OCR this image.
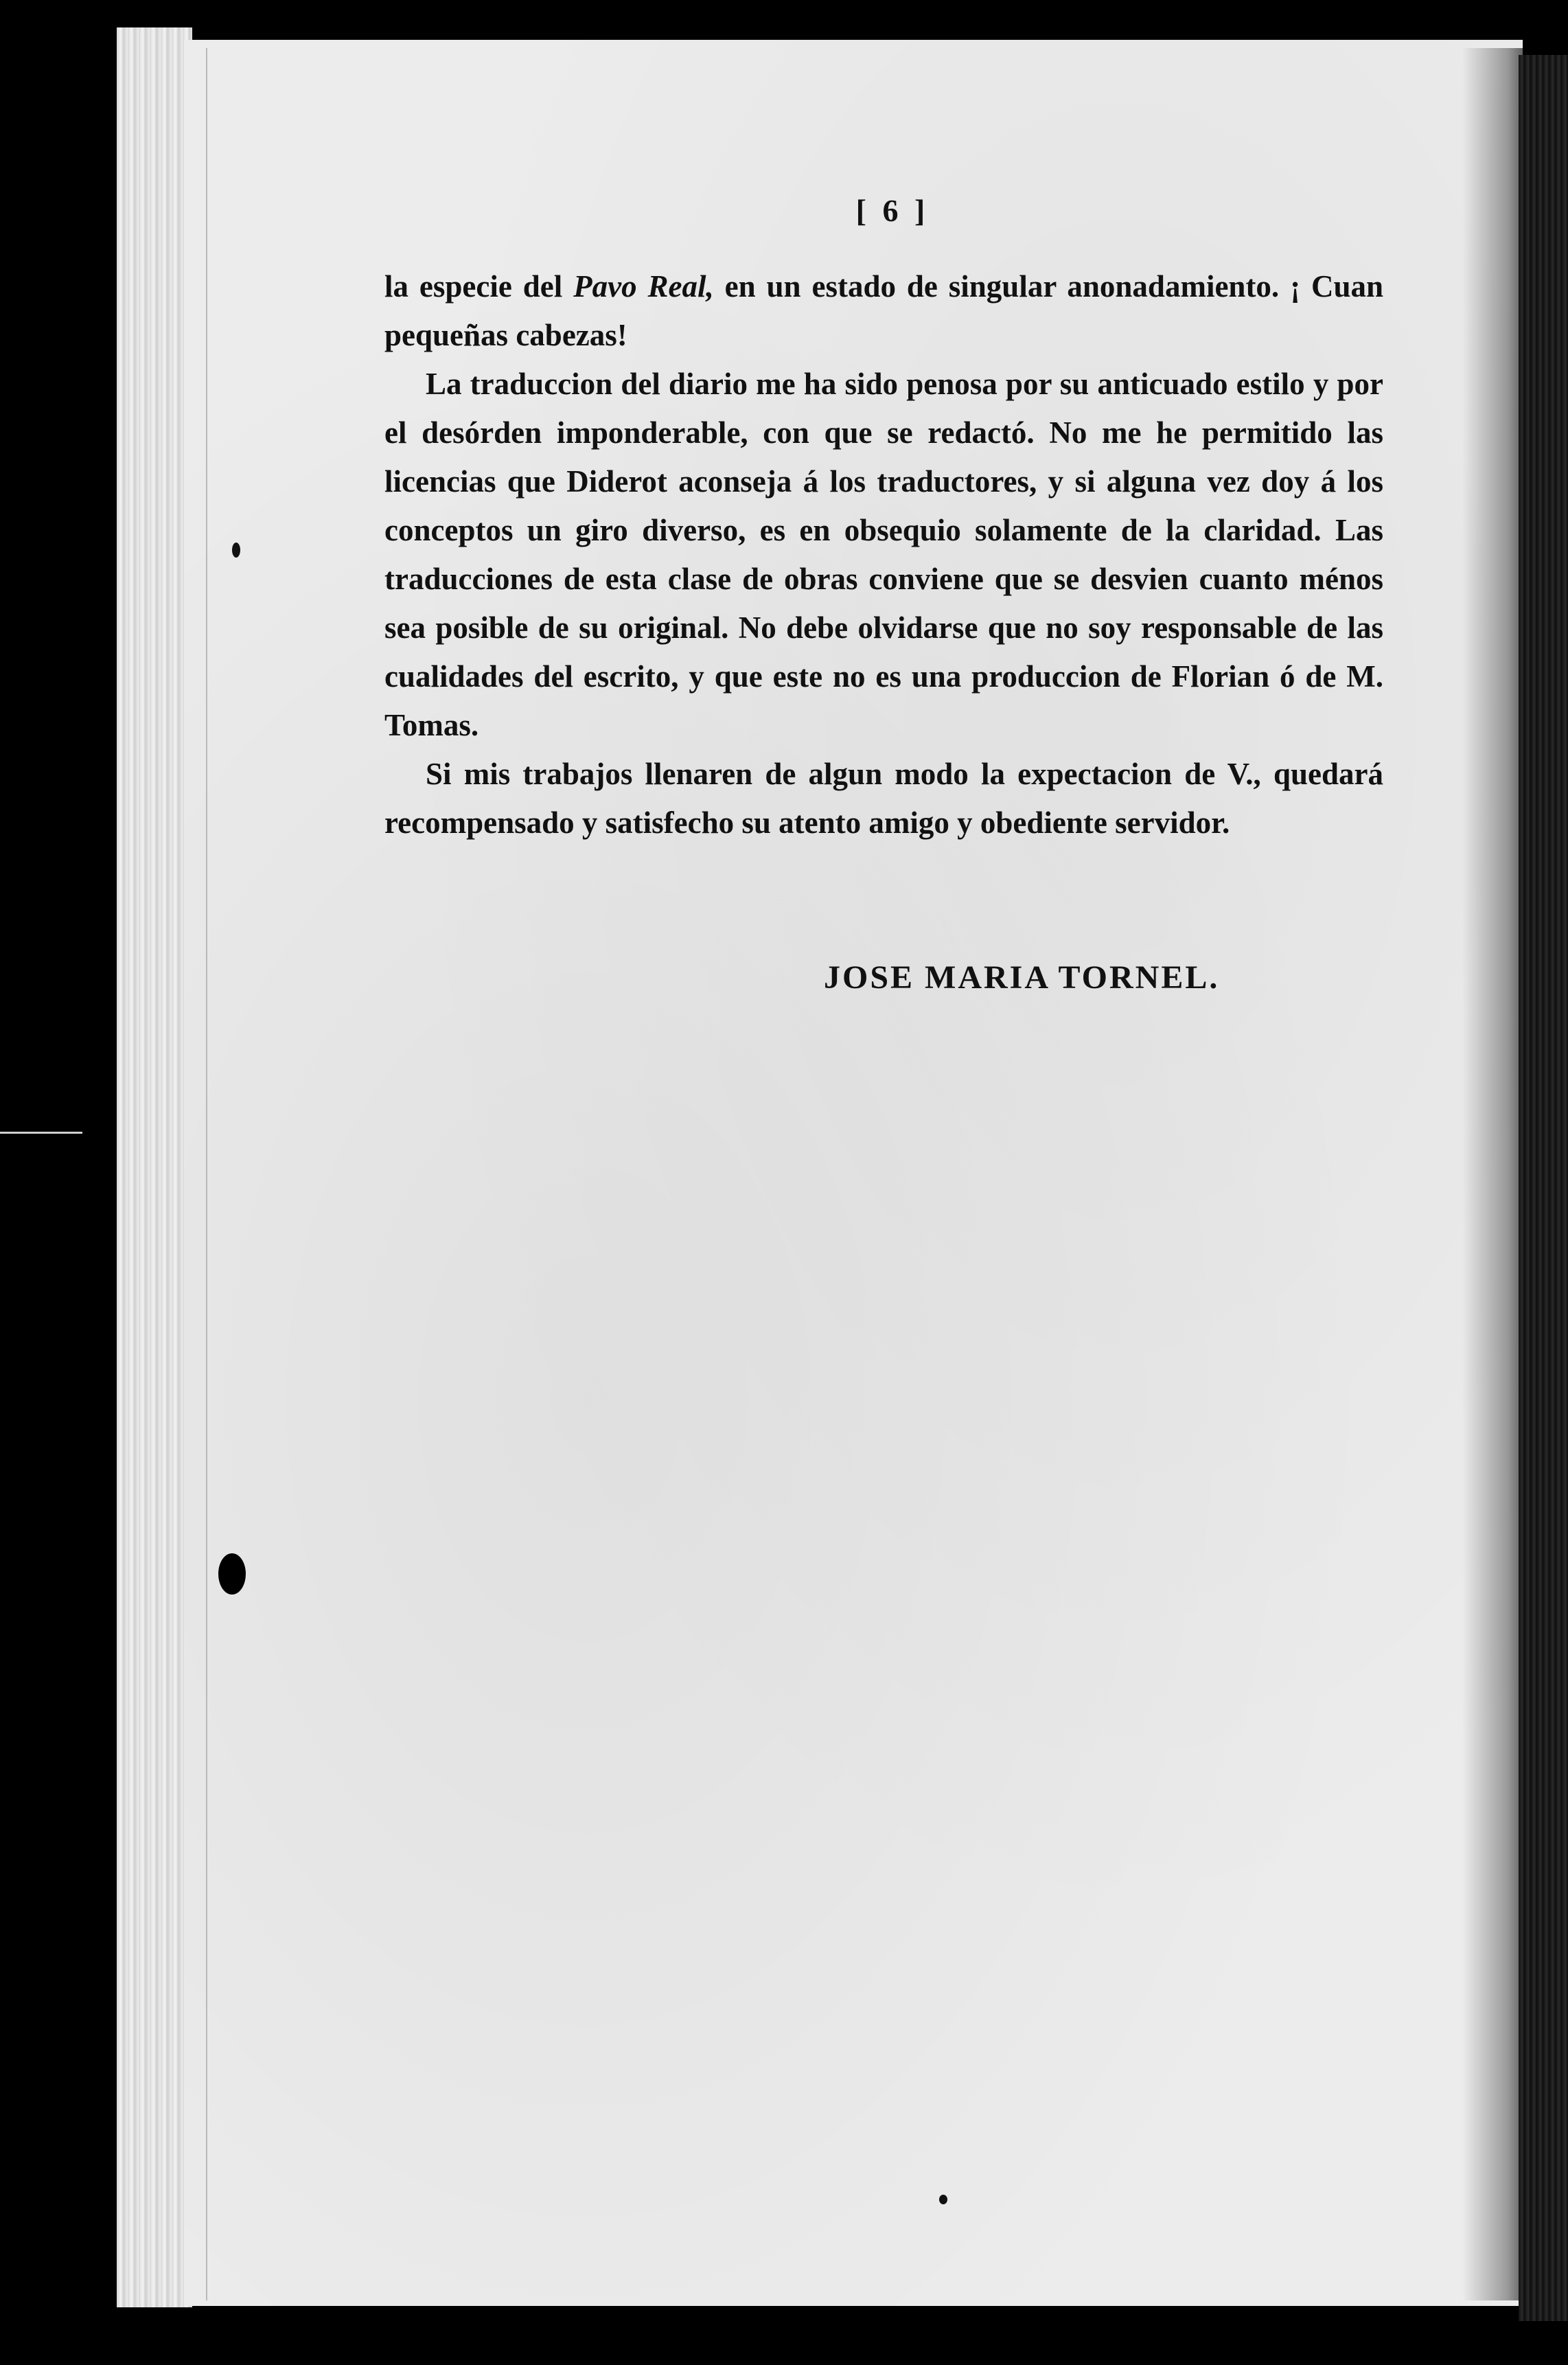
[ 6 ]

la especie del Pavo Real, en un estado de singular anonadamiento. ¡ Cuan pequeñas cabezas!

La traduccion del diario me ha sido penosa por su anticuado estilo y por el desórden imponderable, con que se redactó. No me he permitido las licencias que Diderot aconseja á los traductores, y si alguna vez doy á los conceptos un giro diverso, es en obsequio solamente de la claridad. Las traducciones de esta clase de obras conviene que se desvien cuanto ménos sea posible de su original. No debe olvidarse que no soy responsable de las cualidades del escrito, y que este no es una produccion de Florian ó de M. Tomas.

Si mis trabajos llenaren de algun modo la expectacion de V., quedará recompensado y satisfecho su atento amigo y obediente servidor.

JOSE MARIA TORNEL.
